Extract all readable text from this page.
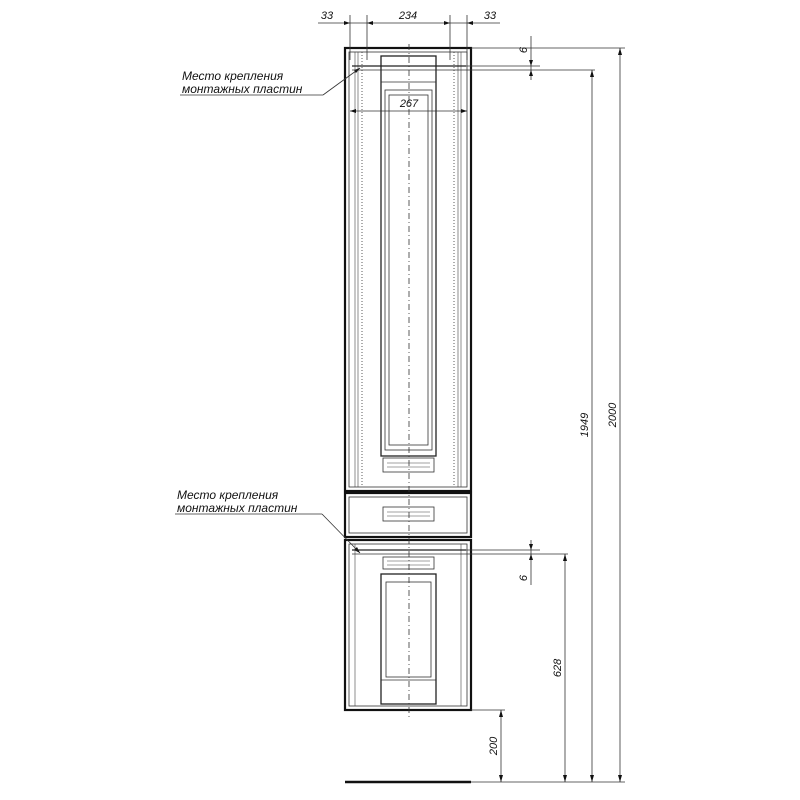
33	234	33
267
Место крепления
монтажных пластин
Место крепления
монтажных пластин
6
6
1949 2000
628
200
